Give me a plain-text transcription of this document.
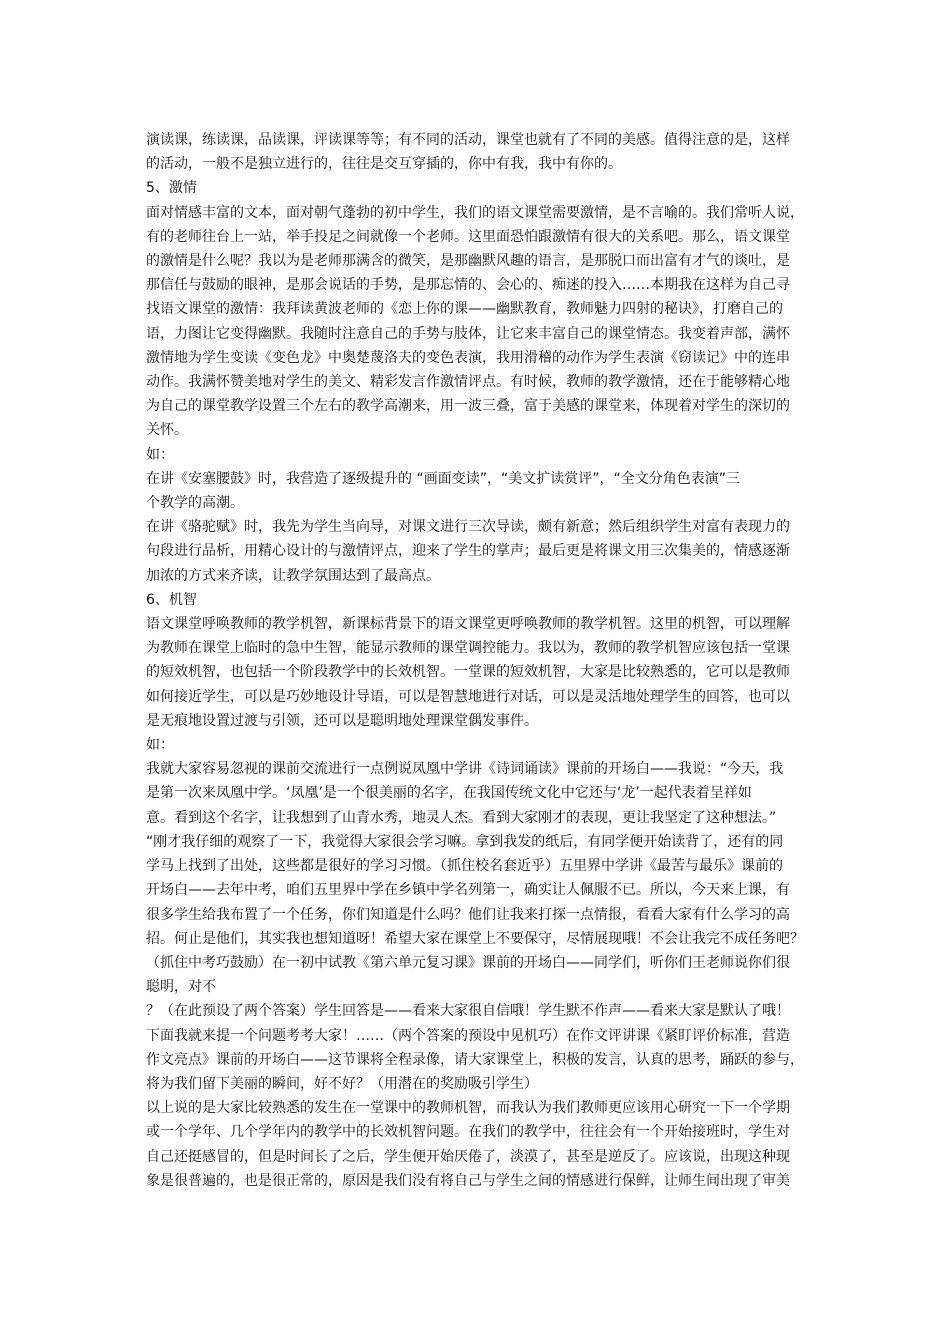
演读课，练读课，品读课，评读课等等；有不同的活动，课堂也就有了不同的美感。值得注意的是，这样

的活动，一般不是独立进行的，往往是交互穿插的，你中有我，我中有你的。

5、激情

面对情感丰富的文本，面对朝气蓬勃的初中学生，我们的语文课堂需要激情，是不言喻的。我们常听人说，

有的老师往台上一站，举手投足之间就像一个老师。这里面恐怕跟激情有很大的关系吧。那么，语文课堂

的激情是什么呢？我以为是老师那满含的微笑，是那幽默风趣的语言，是那脱口而出富有才气的谈吐，是

那信任与鼓励的眼神，是那会说话的手势，是那忘情的、会心的、痴迷的投入……本期我在这样为自己寻

找语文课堂的激情：我拜读黄波老师的《恋上你的课——幽默教育，教师魅力四射的秘诀》，打磨自己的

语，力图让它变得幽默。我随时注意自己的手势与肢体，让它来丰富自己的课堂情态。我变着声部，满怀

激情地为学生变读《变色龙》中奥楚蔑洛夫的变色表演，我用滑稽的动作为学生表演《窃读记》中的连串

动作。我满怀赞美地对学生的美文、精彩发言作激情评点。有时候，教师的教学激情，还在于能够精心地

为自己的课堂教学设置三个左右的教学高潮来，用一波三叠，富于美感的课堂来，体现着对学生的深切的

关怀。

如：

在讲《安塞腰鼓》时，我营造了逐级提升的 “画面变读”，“美文扩读赏评”，“全文分角色表演”三

个教学的高潮。

在讲《骆驼赋》时，我先为学生当向导，对课文进行三次导读，颇有新意；然后组织学生对富有表现力的

句段进行品析，用精心设计的与激情评点，迎来了学生的掌声；最后更是将课文用三次集美的，情感逐渐

加浓的方式来齐读，让教学氛围达到了最高点。

6、机智

语文课堂呼唤教师的教学机智，新课标背景下的语文课堂更呼唤教师的教学机智。这里的机智，可以理解

为教师在课堂上临时的急中生智，能显示教师的课堂调控能力。我以为，教师的教学机智应该包括一堂课

的短效机智，也包括一个阶段教学中的长效机智。一堂课的短效机智，大家是比较熟悉的，它可以是教师

如何接近学生，可以是巧妙地设计导语，可以是智慧地进行对话，可以是灵活地处理学生的回答，也可以

是无痕地设置过渡与引领，还可以是聪明地处理课堂偶发事件。

如：

我就大家容易忽视的课前交流进行一点例说凤凰中学讲《诗词诵读》课前的开场白——我说：“今天，我

是第一次来凤凰中学。‘凤凰’是一个很美丽的名字，在我国传统文化中它还与‘龙’一起代表着呈祥如

意。看到这个名字，让我想到了山青水秀，地灵人杰。看到大家刚才的表现，更让我坚定了这种想法。”

“刚才我仔细的观察了一下，我觉得大家很会学习嘛。拿到我发的纸后，有同学便开始读背了，还有的同

学马上找到了出处，这些都是很好的学习习惯。（抓住校名套近乎）五里界中学讲《最苦与最乐》课前的

开场白——去年中考，咱们五里界中学在乡镇中学名列第一，确实让人佩服不已。所以，今天来上课，有

很多学生给我布置了一个任务，你们知道是什么吗？他们让我来打探一点情报，看看大家有什么学习的高

招。何止是他们，其实我也想知道呀！希望大家在课堂上不要保守，尽情展现哦！不会让我完不成任务吧？

（抓住中考巧鼓励）在一初中试教《第六单元复习课》课前的开场白——同学们，听你们王老师说你们很

聪明，对不

？（在此预设了两个答案）学生回答是——看来大家很自信哦！学生默不作声——看来大家是默认了哦！

下面我就来提一个问题考考大家！……（两个答案的预设中见机巧）在作文评讲课《紧盯评价标准，营造

作文亮点》课前的开场白——这节课将全程录像，请大家课堂上，积极的发言，认真的思考，踊跃的参与，

将为我们留下美丽的瞬间，好不好？（用潜在的奖励吸引学生）

以上说的是大家比较熟悉的发生在一堂课中的教师机智，而我认为我们教师更应该用心研究一下一个学期

或一个学年、几个学年内的教学中的长效机智问题。在我们的教学中，往往会有一个开始接班时，学生对

自己还挺感冒的，但是时间长了之后，学生便开始厌倦了，淡漠了，甚至是逆反了。应该说，出现这种现

象是很普遍的，也是很正常的，原因是我们没有将自己与学生之间的情感进行保鲜，让师生间出现了审美
